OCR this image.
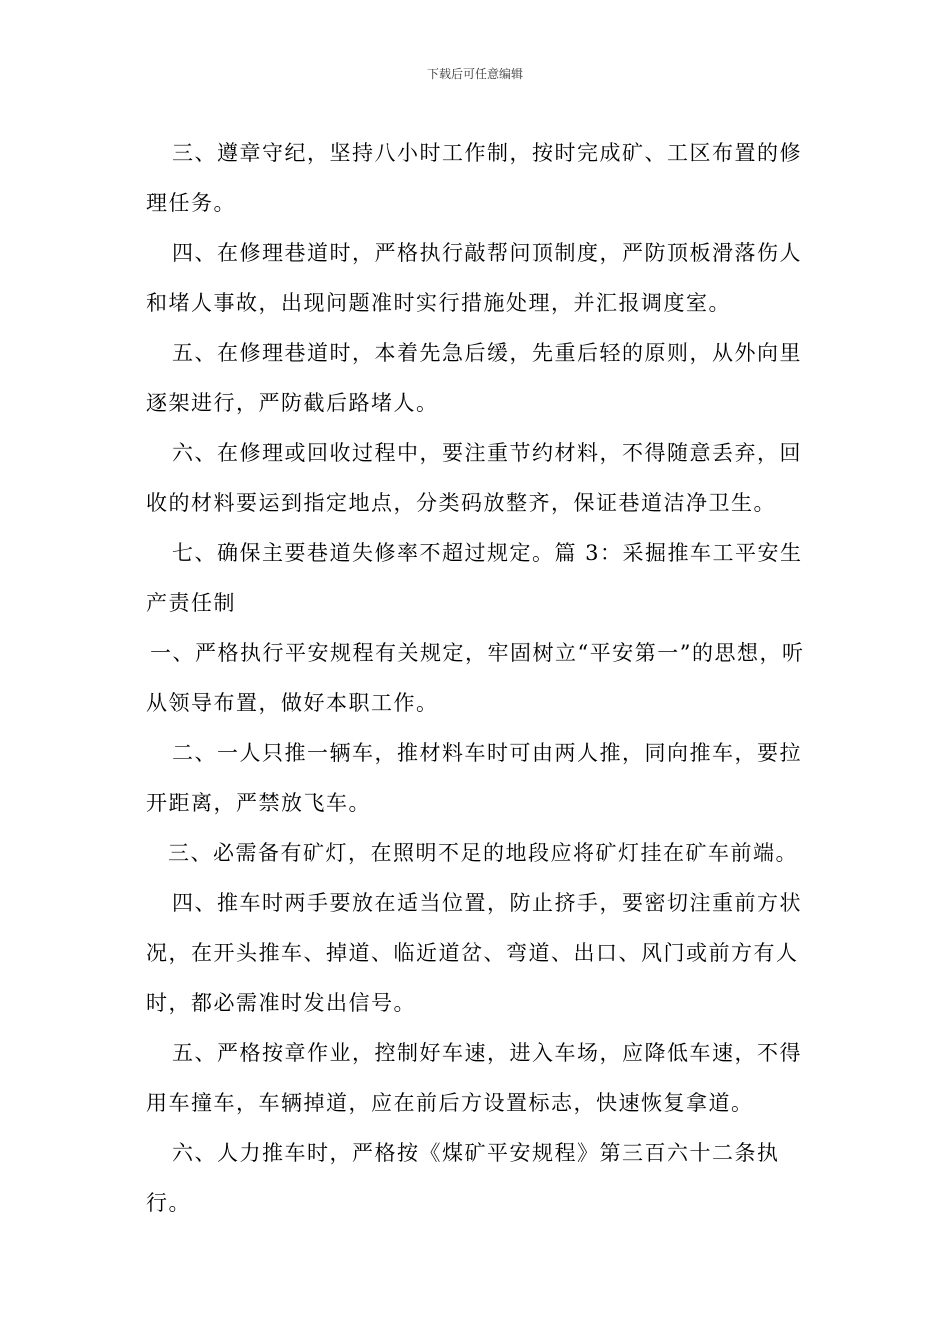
下载后可任意编辑

三、遵章守纪，坚持八小时工作制，按时完成矿、工区布置的修理任务。

四、在修理巷道时，严格执行敲帮问顶制度，严防顶板滑落伤人和堵人事故，出现问题准时实行措施处理，并汇报调度室。

五、在修理巷道时，本着先急后缓，先重后轻的原则，从外向里逐架进行，严防截后路堵人。

六、在修理或回收过程中，要注重节约材料，不得随意丢弃，回收的材料要运到指定地点，分类码放整齐，保证巷道洁净卫生。

七、确保主要巷道失修率不超过规定。篇 3：采掘推车工平安生产责任制

一、严格执行平安规程有关规定，牢固树立“平安第一”的思想，听从领导布置，做好本职工作。

二、一人只推一辆车，推材料车时可由两人推，同向推车，要拉开距离，严禁放飞车。

三、必需备有矿灯，在照明不足的地段应将矿灯挂在矿车前端。

四、推车时两手要放在适当位置，防止挤手，要密切注重前方状况，在开头推车、掉道、临近道岔、弯道、出口、风门或前方有人时，都必需准时发出信号。

五、严格按章作业，控制好车速，进入车场，应降低车速，不得用车撞车，车辆掉道，应在前后方设置标志，快速恢复拿道。

六、人力推车时，严格按《煤矿平安规程》第三百六十二条执行。
